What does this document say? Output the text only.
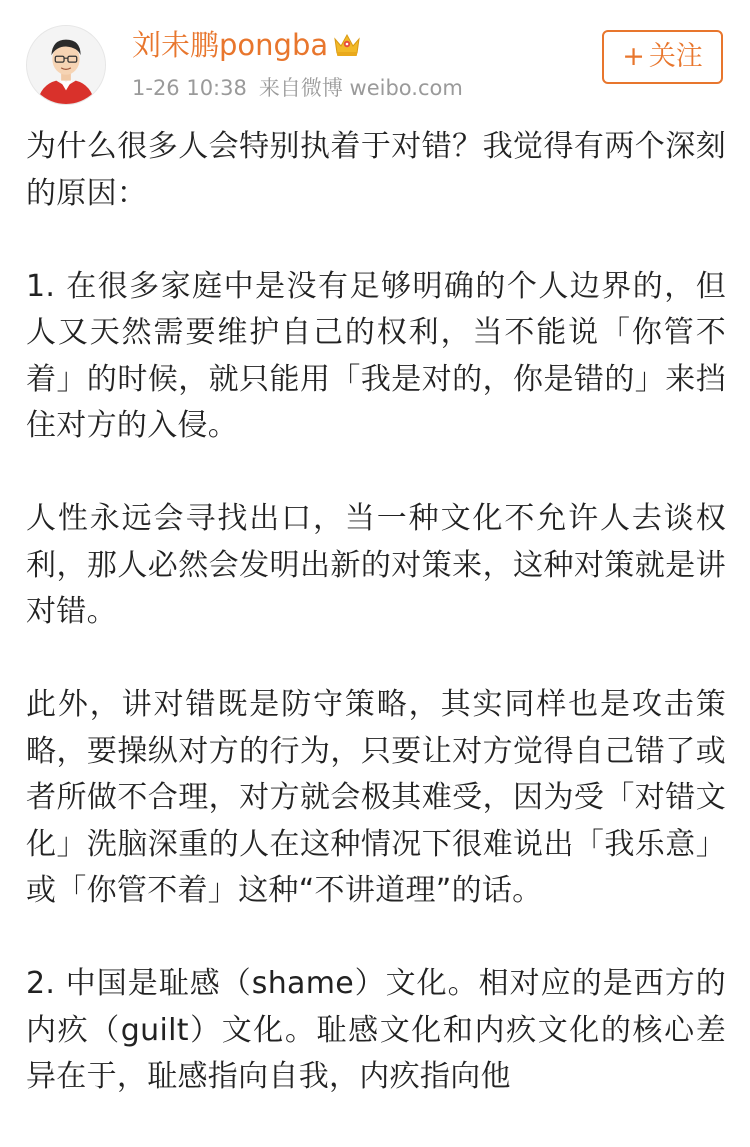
刘未鹏pongba
1-26 10:38 来自微博 weibo.com
+ 关注

为什么很多人会特别执着于对错？我觉得有两个深刻的原因：

1. 在很多家庭中是没有足够明确的个人边界的，但人又天然需要维护自己的权利，当不能说「你管不着」的时候，就只能用「我是对的，你是错的」来挡住对方的入侵。

人性永远会寻找出口，当一种文化不允许人去谈权利，那人必然会发明出新的对策来，这种对策就是讲对错。

此外，讲对错既是防守策略，其实同样也是攻击策略，要操纵对方的行为，只要让对方觉得自己错了或者所做不合理，对方就会极其难受，因为受「对错文化」洗脑深重的人在这种情况下很难说出「我乐意」或「你管不着」这种“不讲道理”的话。

2. 中国是耻感（shame）文化。相对应的是西方的内疚（guilt）文化。耻感文化和内疚文化的核心差异在于，耻感指向自我，内疚指向他
